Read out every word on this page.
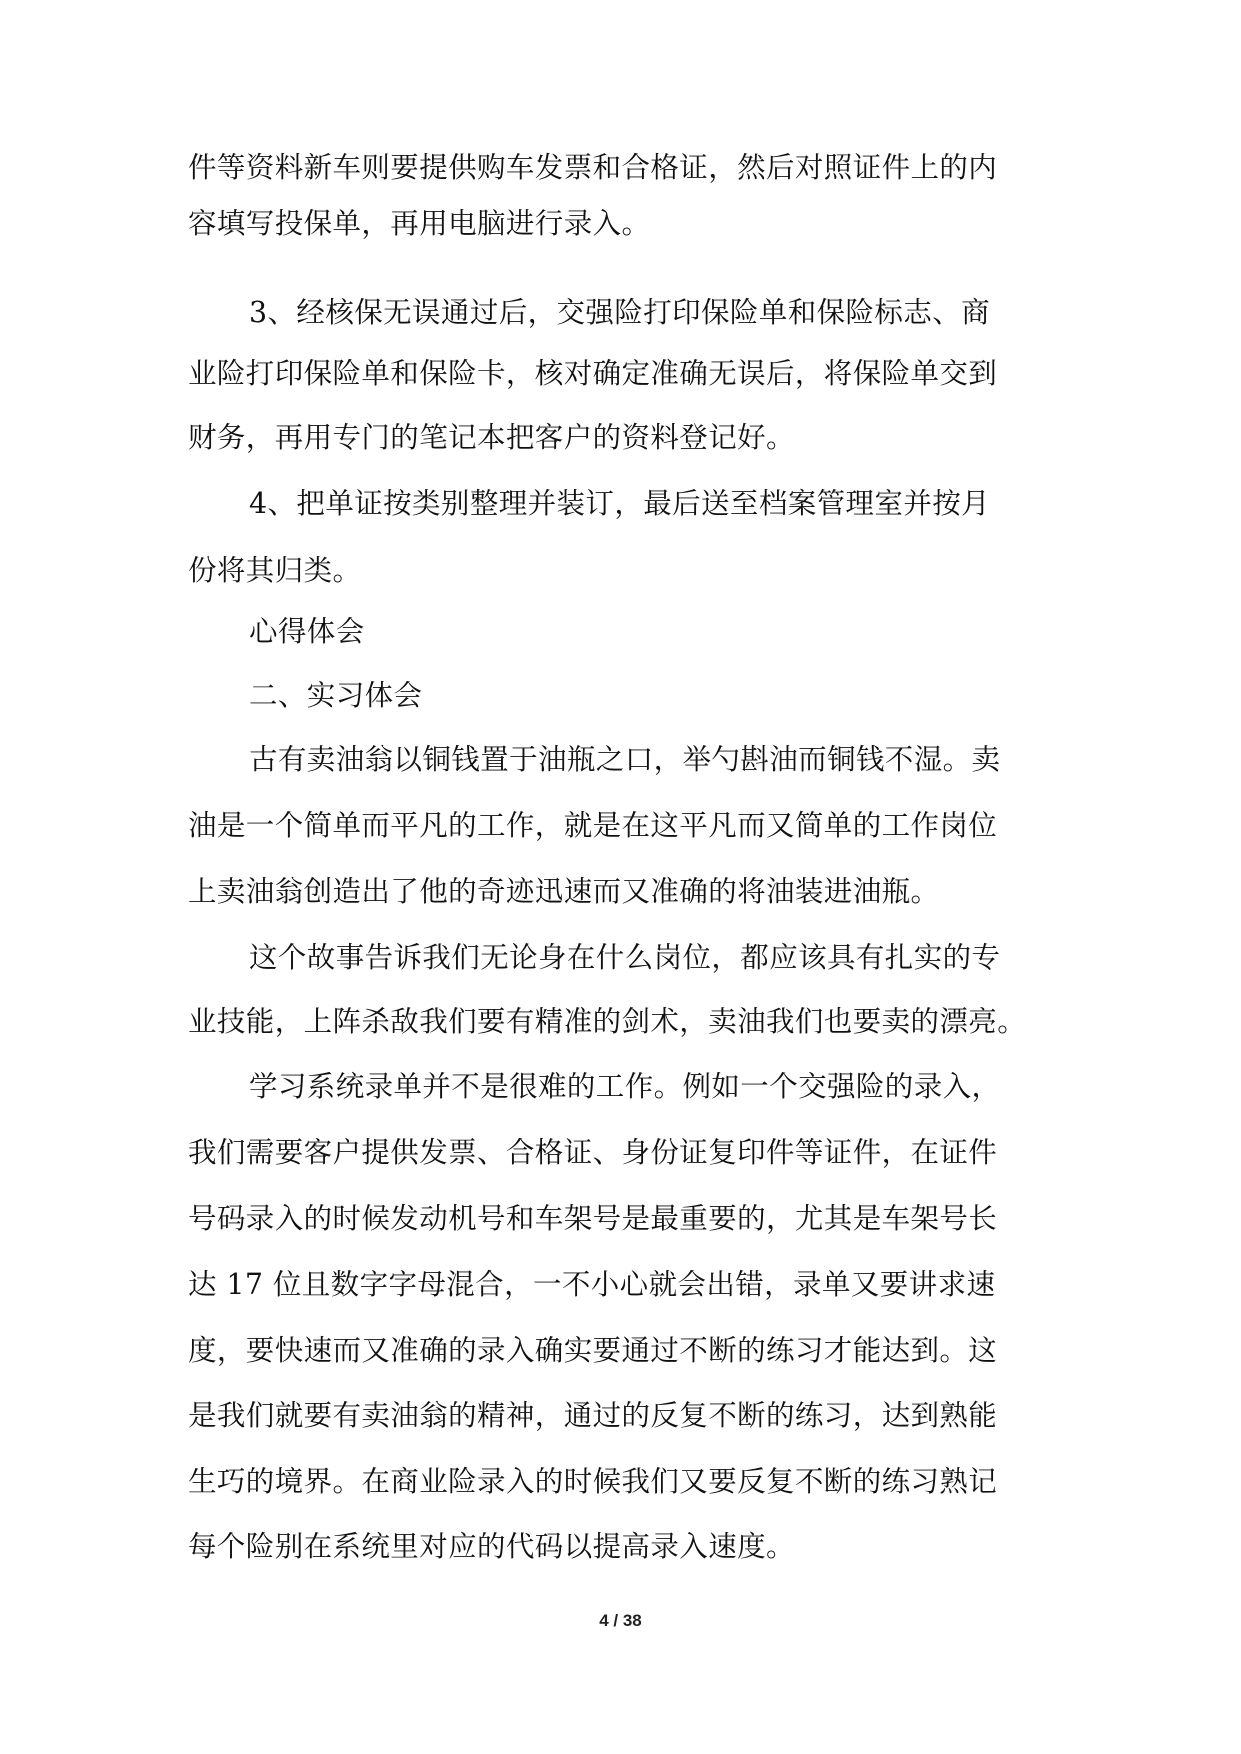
件等资料新车则要提供购车发票和合格证，然后对照证件上的内
容填写投保单，再用电脑进行录入。
3、经核保无误通过后，交强险打印保险单和保险标志、商
业险打印保险单和保险卡，核对确定准确无误后，将保险单交到
财务，再用专门的笔记本把客户的资料登记好。
4、把单证按类别整理并装订，最后送至档案管理室并按月
份将其归类。
心得体会
二、实习体会
古有卖油翁以铜钱置于油瓶之口，举勺斟油而铜钱不湿。卖
油是一个简单而平凡的工作，就是在这平凡而又简单的工作岗位
上卖油翁创造出了他的奇迹迅速而又准确的将油装进油瓶。
这个故事告诉我们无论身在什么岗位，都应该具有扎实的专
业技能，上阵杀敌我们要有精准的剑术，卖油我们也要卖的漂亮。
学习系统录单并不是很难的工作。例如一个交强险的录入，
我们需要客户提供发票、合格证、身份证复印件等证件，在证件
号码录入的时候发动机号和车架号是最重要的，尤其是车架号长
达 17 位且数字字母混合，一不小心就会出错，录单又要讲求速
度，要快速而又准确的录入确实要通过不断的练习才能达到。这
是我们就要有卖油翁的精神，通过的反复不断的练习，达到熟能
生巧的境界。在商业险录入的时候我们又要反复不断的练习熟记
每个险别在系统里对应的代码以提高录入速度。
4 / 38
